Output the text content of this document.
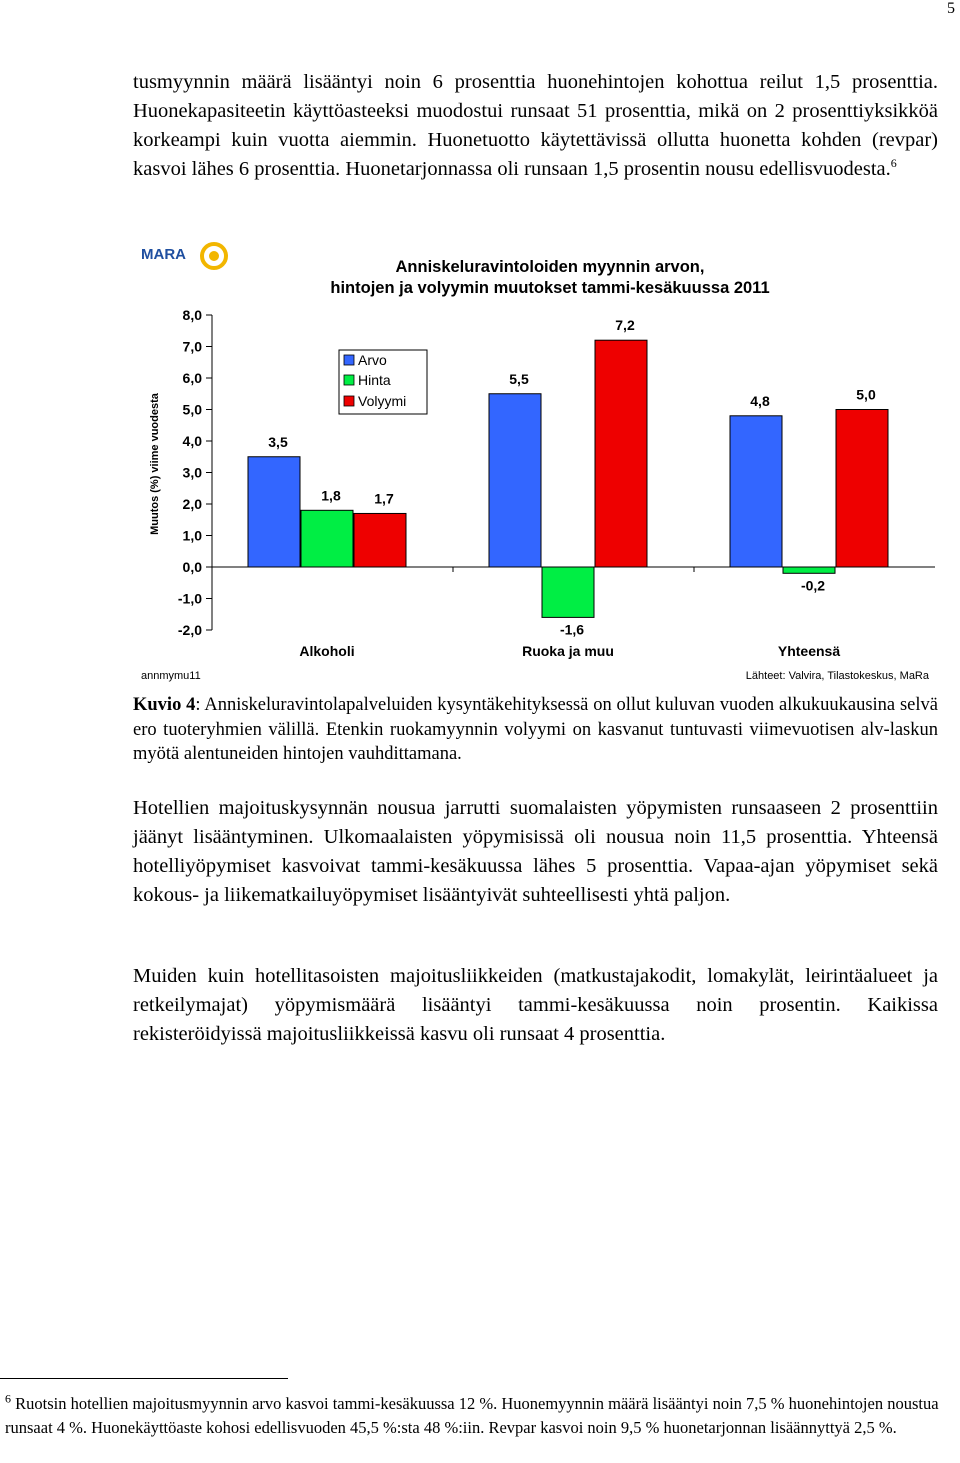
5

tusmyynnin määrä lisääntyi noin 6 prosenttia huonehintojen kohottua reilut 1,5 prosenttia. Huonekapasiteetin käyttöasteeksi muodostui runsaat 51 prosenttia, mikä on 2 prosenttiyksikköä korkeampi kuin vuotta aiemmin. Huonetuotto käytettävissä ollutta huonetta kohden (revpar) kasvoi lähes 6 prosenttia. Huonetarjonnassa oli runsaan 1,5 prosentin nousu edellisvuodesta.$^6$

MARA
Anniskeluravintoloiden myynnin arvon,
hintojen ja volyymin muutokset tammi-kesäkuussa 2011
Muutos (%) viime vuodesta
8,0
7,0
6,0
5,0
4,0
3,0
2,0
1,0
0,0
-1,0
-2,0
3,5
1,8 1,7
5,5
-1,6
7,2
4,8
-0,2
5,0
Alkoholi	Ruoka ja muu	Yhteensä
Arvo
Hinta
Volyymi
annmymu11	Lähteet: Valvira, Tilastokeskus, MaRa

Kuvio 4: Anniskeluravintolapalveluiden kysyntäkehityksessä on ollut kuluvan vuoden alkukuukausina selvä ero tuoteryhmien välillä. Etenkin ruokamyynnin volyymi on kasvanut tuntuvasti viimevuotisen alv-laskun myötä alentuneiden hintojen vauhdittamana.

Hotellien majoituskysynnän nousua jarrutti suomalaisten yöpymisten runsaaseen 2 prosenttiin jäänyt lisääntyminen. Ulkomaalaisten yöpymisissä oli nousua noin 11,5 prosenttia. Yhteensä hotelliyöpymiset kasvoivat tammi-kesäkuussa lähes 5 prosenttia. Vapaa-ajan yöpymiset sekä kokous- ja liikematkailuyöpymiset lisääntyivät suhteellisesti yhtä paljon.

Muiden kuin hotellitasoisten majoitusliikkeiden (matkustajakodit, lomakylät, leirintäalueet ja retkeilymajat) yöpymismäärä lisääntyi tammi-kesäkuussa noin prosentin. Kaikissa rekisteröidyissä majoitusliikkeissä kasvu oli runsaat 4 prosenttia.

$^6$ Ruotsin hotellien majoitusmyynnin arvo kasvoi tammi-kesäkuussa 12 %. Huonemyynnin määrä lisääntyi noin 7,5 % huonehintojen noustua runsaat 4 %. Huonekäyttöaste kohosi edellisvuoden 45,5 %:sta 48 %:iin. Revpar kasvoi noin 9,5 % huonetarjonnan lisäännyttyä 2,5 %.
